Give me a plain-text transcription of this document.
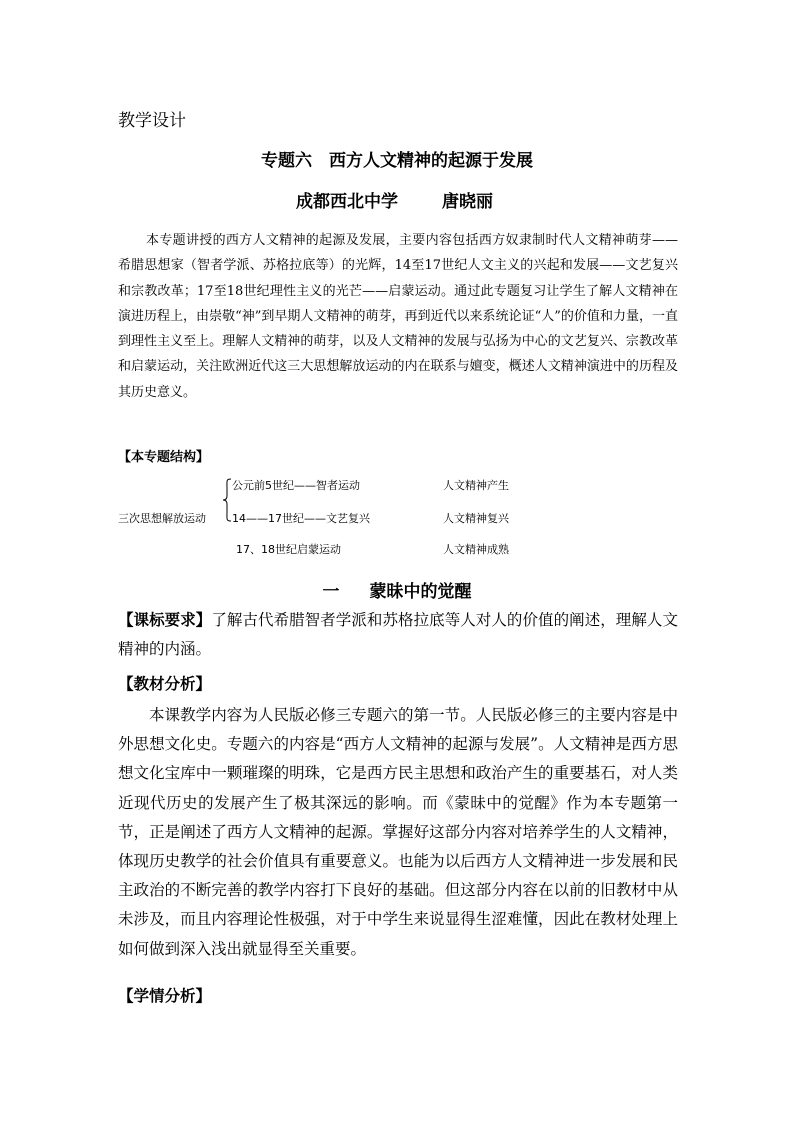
教学设计
专题六　西方人文精神的起源于发展
成都西北中学	唐晓丽

本专题讲授的西方人文精神的起源及发展，主要内容包括西方奴隶制时代人文精神萌芽——希腊思想家（智者学派、苏格拉底等）的光辉，14至17世纪人文主义的兴起和发展——文艺复兴和宗教改革；17至18世纪理性主义的光芒——启蒙运动。通过此专题复习让学生了解人文精神在演进历程上，由崇敬“神”到早期人文精神的萌芽，再到近代以来系统论证“人”的价值和力量，一直到理性主义至上。理解人文精神的萌芽，以及人文精神的发展与弘扬为中心的文艺复兴、宗教改革和启蒙运动，关注欧洲近代这三大思想解放运动的内在联系与嬗变，概述人文精神演进中的历程及其历史意义。

【本专题结构】
三次思想解放运动
公元前5世纪——智者运动	人文精神产生
14——17世纪——文艺复兴	人文精神复兴
17、18世纪启蒙运动	人文精神成熟
一 蒙昧中的觉醒

【课标要求】了解古代希腊智者学派和苏格拉底等人对人的价值的阐述，理解人文精神的内涵。

【教材分析】

本课教学内容为人民版必修三专题六的第一节。人民版必修三的主要内容是中外思想文化史。专题六的内容是“西方人文精神的起源与发展”。人文精神是西方思想文化宝库中一颗璀璨的明珠，它是西方民主思想和政治产生的重要基石，对人类近现代历史的发展产生了极其深远的影响。而《蒙昧中的觉醒》作为本专题第一节，正是阐述了西方人文精神的起源。掌握好这部分内容对培养学生的人文精神，体现历史教学的社会价值具有重要意义。也能为以后西方人文精神进一步发展和民主政治的不断完善的教学内容打下良好的基础。但这部分内容在以前的旧教材中从未涉及，而且内容理论性极强，对于中学生来说显得生涩难懂，因此在教材处理上如何做到深入浅出就显得至关重要。

【学情分析】
